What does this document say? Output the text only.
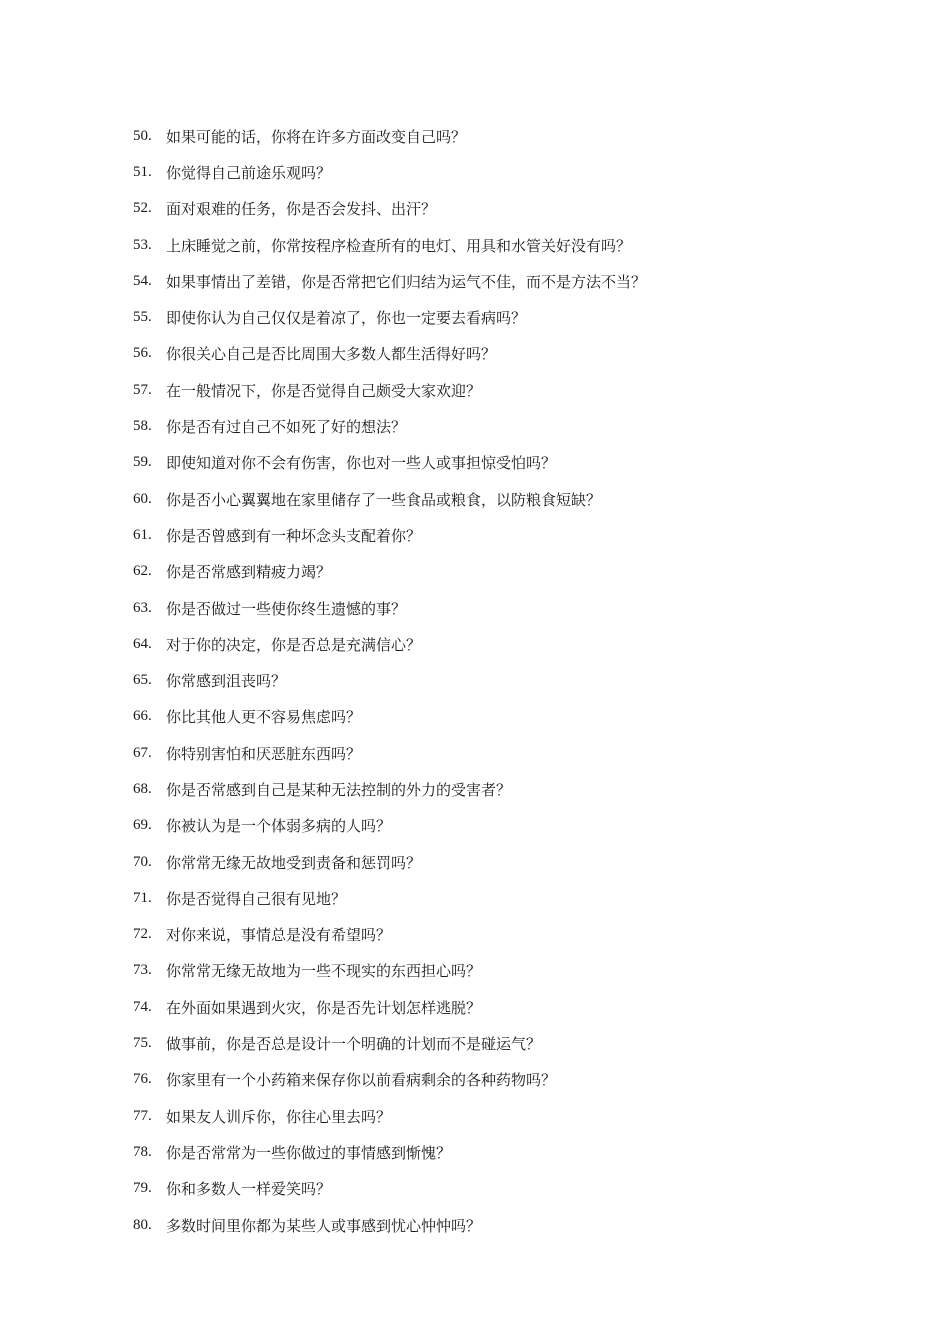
50. 如果可能的话，你将在许多方面改变自己吗？
51. 你觉得自己前途乐观吗？
52. 面对艰难的任务，你是否会发抖、出汗？
53. 上床睡觉之前，你常按程序检查所有的电灯、用具和水管关好没有吗？
54. 如果事情出了差错，你是否常把它们归结为运气不佳，而不是方法不当？
55. 即使你认为自己仅仅是着凉了，你也一定要去看病吗？
56. 你很关心自己是否比周围大多数人都生活得好吗？
57. 在一般情况下，你是否觉得自己颇受大家欢迎？
58. 你是否有过自己不如死了好的想法？
59. 即使知道对你不会有伤害，你也对一些人或事担惊受怕吗？
60. 你是否小心翼翼地在家里储存了一些食品或粮食，以防粮食短缺？
61. 你是否曾感到有一种坏念头支配着你？
62. 你是否常感到精疲力竭？
63. 你是否做过一些使你终生遗憾的事？
64. 对于你的决定，你是否总是充满信心？
65. 你常感到沮丧吗？
66. 你比其他人更不容易焦虑吗？
67. 你特别害怕和厌恶脏东西吗？
68. 你是否常感到自己是某种无法控制的外力的受害者？
69. 你被认为是一个体弱多病的人吗？
70. 你常常无缘无故地受到责备和惩罚吗？
71. 你是否觉得自己很有见地？
72. 对你来说，事情总是没有希望吗？
73. 你常常无缘无故地为一些不现实的东西担心吗？
74. 在外面如果遇到火灾，你是否先计划怎样逃脱？
75. 做事前，你是否总是设计一个明确的计划而不是碰运气？
76. 你家里有一个小药箱来保存你以前看病剩余的各种药物吗？
77. 如果友人训斥你，你往心里去吗？
78. 你是否常常为一些你做过的事情感到惭愧？
79. 你和多数人一样爱笑吗？
80. 多数时间里你都为某些人或事感到忧心忡忡吗？
